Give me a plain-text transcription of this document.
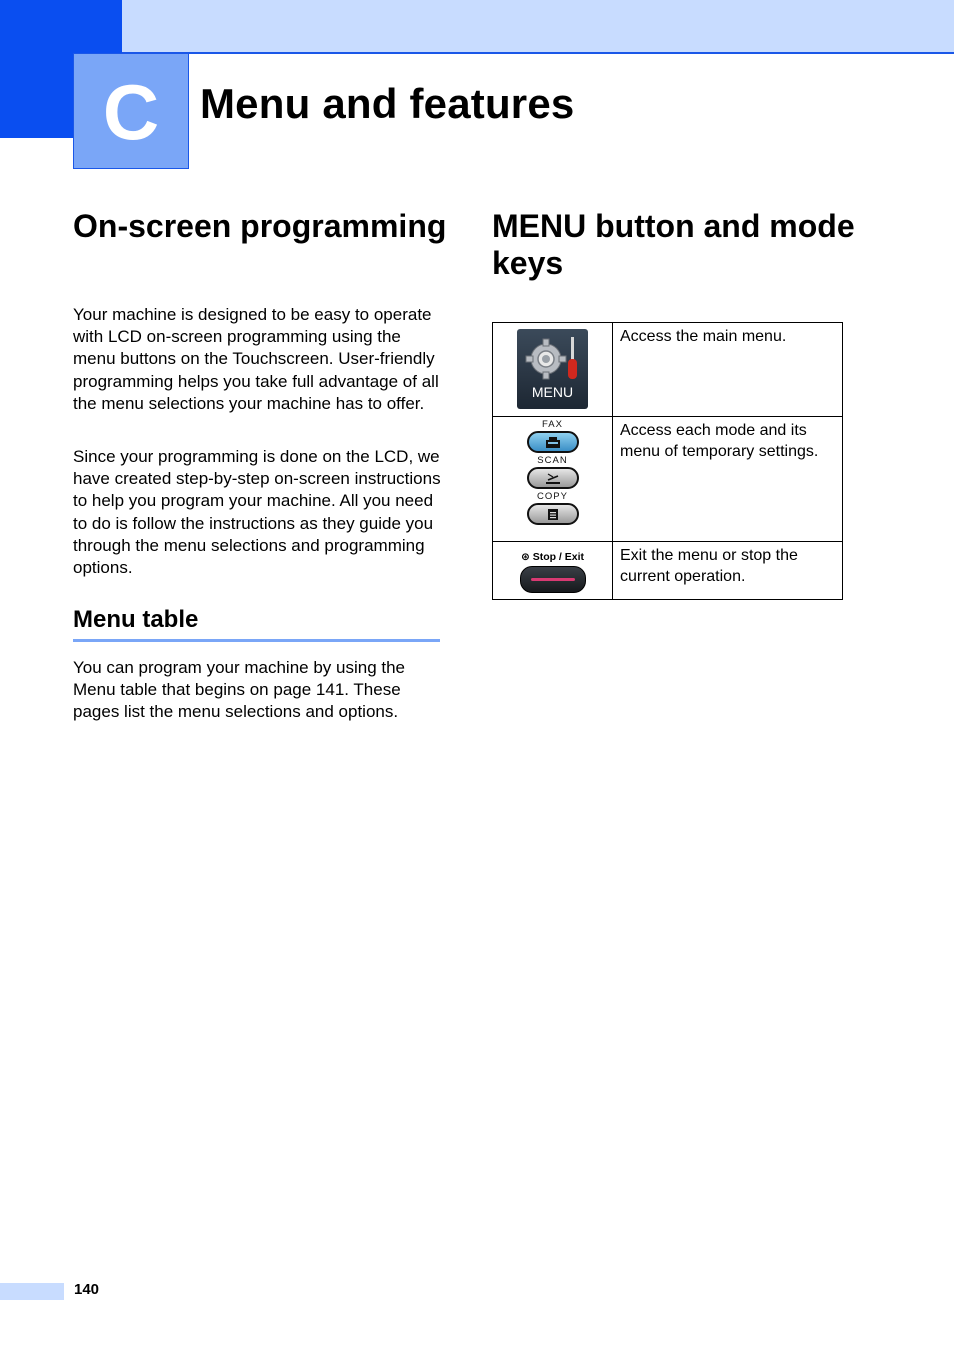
C Menu and features
On-screen programming

Your machine is designed to be easy to operate with LCD on-screen programming using the menu buttons on the Touchscreen. User-friendly programming helps you take full advantage of all the menu selections your machine has to offer.

Since your programming is done on the LCD, we have created step-by-step on-screen instructions to help you program your machine. All you need to do is follow the instructions as they guide you through the menu selections and programming options.

Menu table

You can program your machine by using the Menu table that begins on page 141. These pages list the menu selections and options.

MENU button and mode keys
MENU	Access the main menu.

FAX
SCAN
COPY	Access each mode and its menu of temporary settings.

⊛ Stop / Exit	Exit the menu or stop the current operation.
140
